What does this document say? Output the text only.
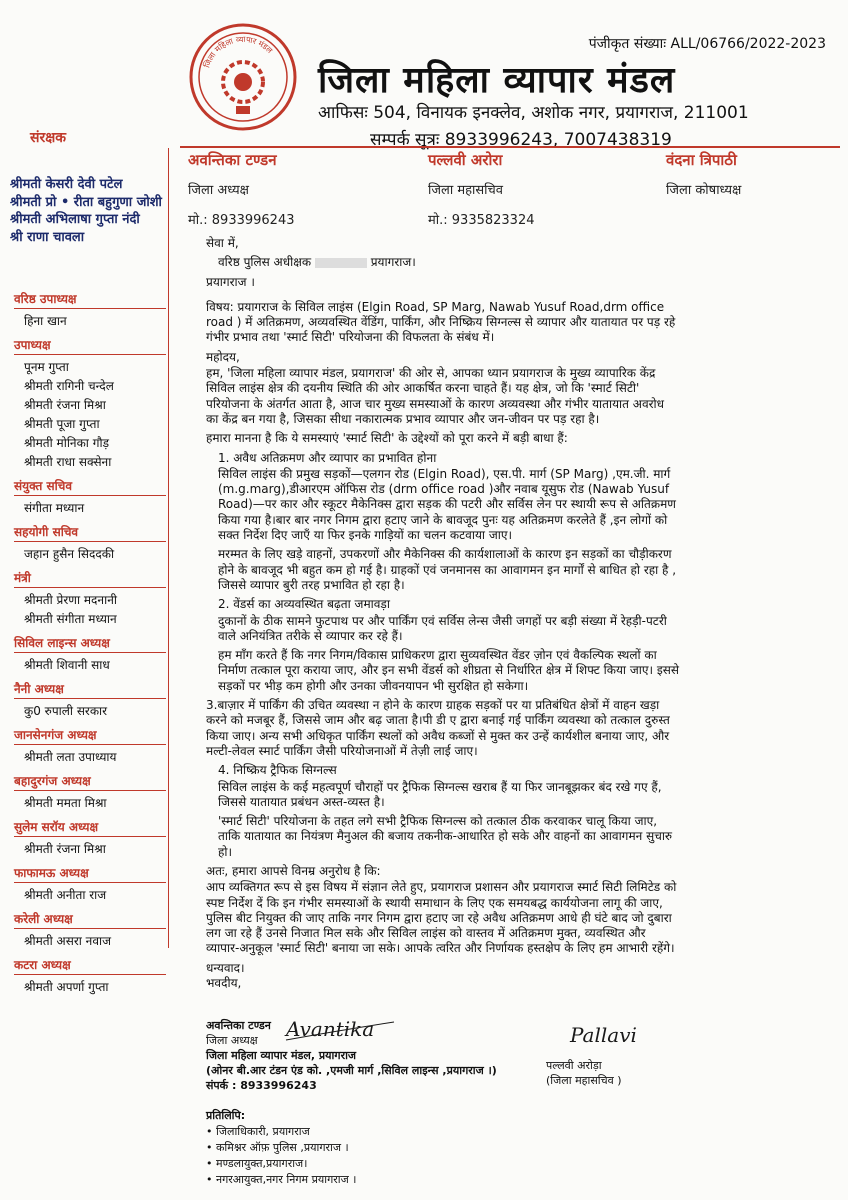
पंजीकृत संख्याः ALL/06766/2022-2023
जिला महिला व्यापार मंडल
जिला महिला व्यापार मंडल
आफिसः 504, विनायक इनक्लेव, अशोक नगर, प्रयागराज, 211001
सम्पर्क सूत्रः 8933996243, 7007438319
अवन्तिका टण्डन
जिला अध्यक्ष
मो.: 8933996243
पल्लवी अरोरा
जिला महासचिव
मो.: 9335823324
वंदना त्रिपाठी
जिला कोषाध्यक्ष
संरक्षक
श्रीमती केसरी देवी पटेल
श्रीमती प्रो • रीता बहुगुणा जोशी
श्रीमती अभिलाषा गुप्ता नंदी
श्री राणा चावला
वरिष्ठ उपाध्यक्ष
हिना खान
उपाध्यक्ष
पूनम गुप्ता
श्रीमती रागिनी चन्देल
श्रीमती रंजना मिश्रा
श्रीमती पूजा गुप्ता
श्रीमती मोनिका गौड़
श्रीमती राधा सक्सेना
संयुक्त सचिव
संगीता मध्यान
सहयोगी सचिव
जहान हुसैन सिददकी
मंत्री
श्रीमती प्रेरणा मदनानी
श्रीमती संगीता मध्यान
सिविल लाइन्स अध्यक्ष
श्रीमती शिवानी साध
नैनी अध्यक्ष
कु0 रुपाली सरकार
जानसेनगंज अध्यक्ष
श्रीमती लता उपाध्याय
बहादुरगंज अध्यक्ष
श्रीमती ममता मिश्रा
सुलेम सरॉय अध्यक्ष
श्रीमती रंजना मिश्रा
फाफामऊ अध्यक्ष
श्रीमती अनीता राज
करेली अध्यक्ष
श्रीमती असरा नवाज
कटरा अध्यक्ष
श्रीमती अपर्णा गुप्ता

सेवा में,

वरिष्ठ पुलिस अधीक्षक	प्रयागराज।

प्रयागराज ।

विषय: प्रयागराज के सिविल लाइंस (Elgin Road, SP Marg, Nawab Yusuf Road,drm office road ) में अतिक्रमण, अव्यवस्थित वेंडिंग, पार्किंग, और निष्क्रिय सिग्नल्स से व्यापार और यातायात पर पड़ रहे गंभीर प्रभाव तथा 'स्मार्ट सिटी' परियोजना की विफलता के संबंध में।

महोदय,

हम, 'जिला महिला व्यापार मंडल, प्रयागराज' की ओर से, आपका ध्यान प्रयागराज के मुख्य व्यापारिक केंद्र सिविल लाइंस क्षेत्र की दयनीय स्थिति की ओर आकर्षित करना चाहते हैं। यह क्षेत्र, जो कि 'स्मार्ट सिटी' परियोजना के अंतर्गत आता है, आज चार मुख्य समस्याओं के कारण अव्यवस्था और गंभीर यातायात अवरोध का केंद्र बन गया है, जिसका सीधा नकारात्मक प्रभाव व्यापार और जन-जीवन पर पड़ रहा है।

हमारा मानना है कि ये समस्याएं 'स्मार्ट सिटी' के उद्देश्यों को पूरा करने में बड़ी बाधा हैं:

1. अवैध अतिक्रमण और व्यापार का प्रभावित होना

सिविल लाइंस की प्रमुख सड़कों—एलगन रोड (Elgin Road), एस.पी. मार्ग (SP Marg) ,एम.जी. मार्ग (m.g.marg),डीआरएम ऑफिस रोड (drm office road )और नवाब यूसुफ रोड (Nawab Yusuf Road)—पर कार और स्कूटर मैकेनिक्स द्वारा सड़क की पटरी और सर्विस लेन पर स्थायी रूप से अतिक्रमण किया गया है।बार बार नगर निगम द्वारा हटाए जाने के बावजूद पुनः यह अतिक्रमण करलेते हैं ,इन लोगों को सक्त निर्देश दिए जाएँ या फिर इनके गाड़ियों का चलन कटवाया जाए।

मरम्मत के लिए खड़े वाहनों, उपकरणों और मैकेनिक्स की कार्यशालाओं के कारण इन सड़कों का चौड़ीकरण होने के बावजूद भी बहुत कम हो गई है। ग्राहकों एवं जनमानस का आवागमन इन मार्गों से बाधित हो रहा है , जिससे व्यापार बुरी तरह प्रभावित हो रहा है।

2. वेंडर्स का अव्यवस्थित बढ़ता जमावड़ा

दुकानों के ठीक सामने फुटपाथ पर और पार्किंग एवं सर्विस लेन्स जैसी जगहों पर बड़ी संख्या में रेहड़ी-पटरी वाले अनियंत्रित तरीके से व्यापार कर रहे हैं।

हम माँग करते हैं कि नगर निगम/विकास प्राधिकरण द्वारा सुव्यवस्थित वेंडर ज़ोन एवं वैकल्पिक स्थलों का निर्माण तत्काल पूरा कराया जाए, और इन सभी वेंडर्स को शीघ्रता से निर्धारित क्षेत्र में शिफ्ट किया जाए। इससे सड़कों पर भीड़ कम होगी और उनका जीवनयापन भी सुरक्षित हो सकेगा।

3.बाज़ार में पार्किंग की उचित व्यवस्था न होने के कारण ग्राहक सड़कों पर या प्रतिबंधित क्षेत्रों में वाहन खड़ा करने को मजबूर हैं, जिससे जाम और बढ़ जाता है।पी डी ए द्वारा बनाई गई पार्किंग व्यवस्था को तत्काल दुरुस्त किया जाए। अन्य सभी अधिकृत पार्किंग स्थलों को अवैध कब्जों से मुक्त कर उन्हें कार्यशील बनाया जाए, और मल्टी-लेवल स्मार्ट पार्किंग जैसी परियोजनाओं में तेज़ी लाई जाए।

4. निष्क्रिय ट्रैफिक सिग्नल्स

सिविल लाइंस के कई महत्वपूर्ण चौराहों पर ट्रैफिक सिग्नल्स खराब हैं या फिर जानबूझकर बंद रखे गए हैं, जिससे यातायात प्रबंधन अस्त-व्यस्त है।

'स्मार्ट सिटी' परियोजना के तहत लगे सभी ट्रैफिक सिग्नल्स को तत्काल ठीक करवाकर चालू किया जाए, ताकि यातायात का नियंत्रण मैनुअल की बजाय तकनीक-आधारित हो सके और वाहनों का आवागमन सुचारु हो।

अतः, हमारा आपसे विनम्र अनुरोध है कि:

आप व्यक्तिगत रूप से इस विषय में संज्ञान लेते हुए, प्रयागराज प्रशासन और प्रयागराज स्मार्ट सिटी लिमिटेड को स्पष्ट निर्देश दें कि इन गंभीर समस्याओं के स्थायी समाधान के लिए एक समयबद्ध कार्ययोजना लागू की जाए, पुलिस बीट नियुक्त की जाए ताकि नगर निगम द्वारा हटाए जा रहे अवैध अतिक्रमण आधे ही घंटे बाद जो दुबारा लग जा रहे हैं उनसे निजात मिल सके और सिविल लाइंस को वास्तव में अतिक्रमण मुक्त, व्यवस्थित और व्यापार-अनुकूल 'स्मार्ट सिटी' बनाया जा सके। आपके त्वरित और निर्णायक हस्तक्षेप के लिए हम आभारी रहेंगे।

धन्यवाद।

भवदीय,

अवन्तिका टण्डन
जिला अध्यक्ष
जिला महिला व्यापार मंडल, प्रयागराज
(ओनर बी.आर टंडन एंड को. ,एमजी मार्ग ,सिविल लाइन्स ,प्रयागराज ।)
संपर्क : 8933996243
Avantika	Pallavi
पल्लवी अरोड़ा
(जिला महासचिव )
प्रतिलिपि:
• जिलाधिकारी, प्रयागराज
• कमिश्नर ऑफ़ पुलिस ,प्रयागराज ।
• मण्डलायुक्त,प्रयागराज।
• नगरआयुक्त,नगर निगम प्रयागराज ।
